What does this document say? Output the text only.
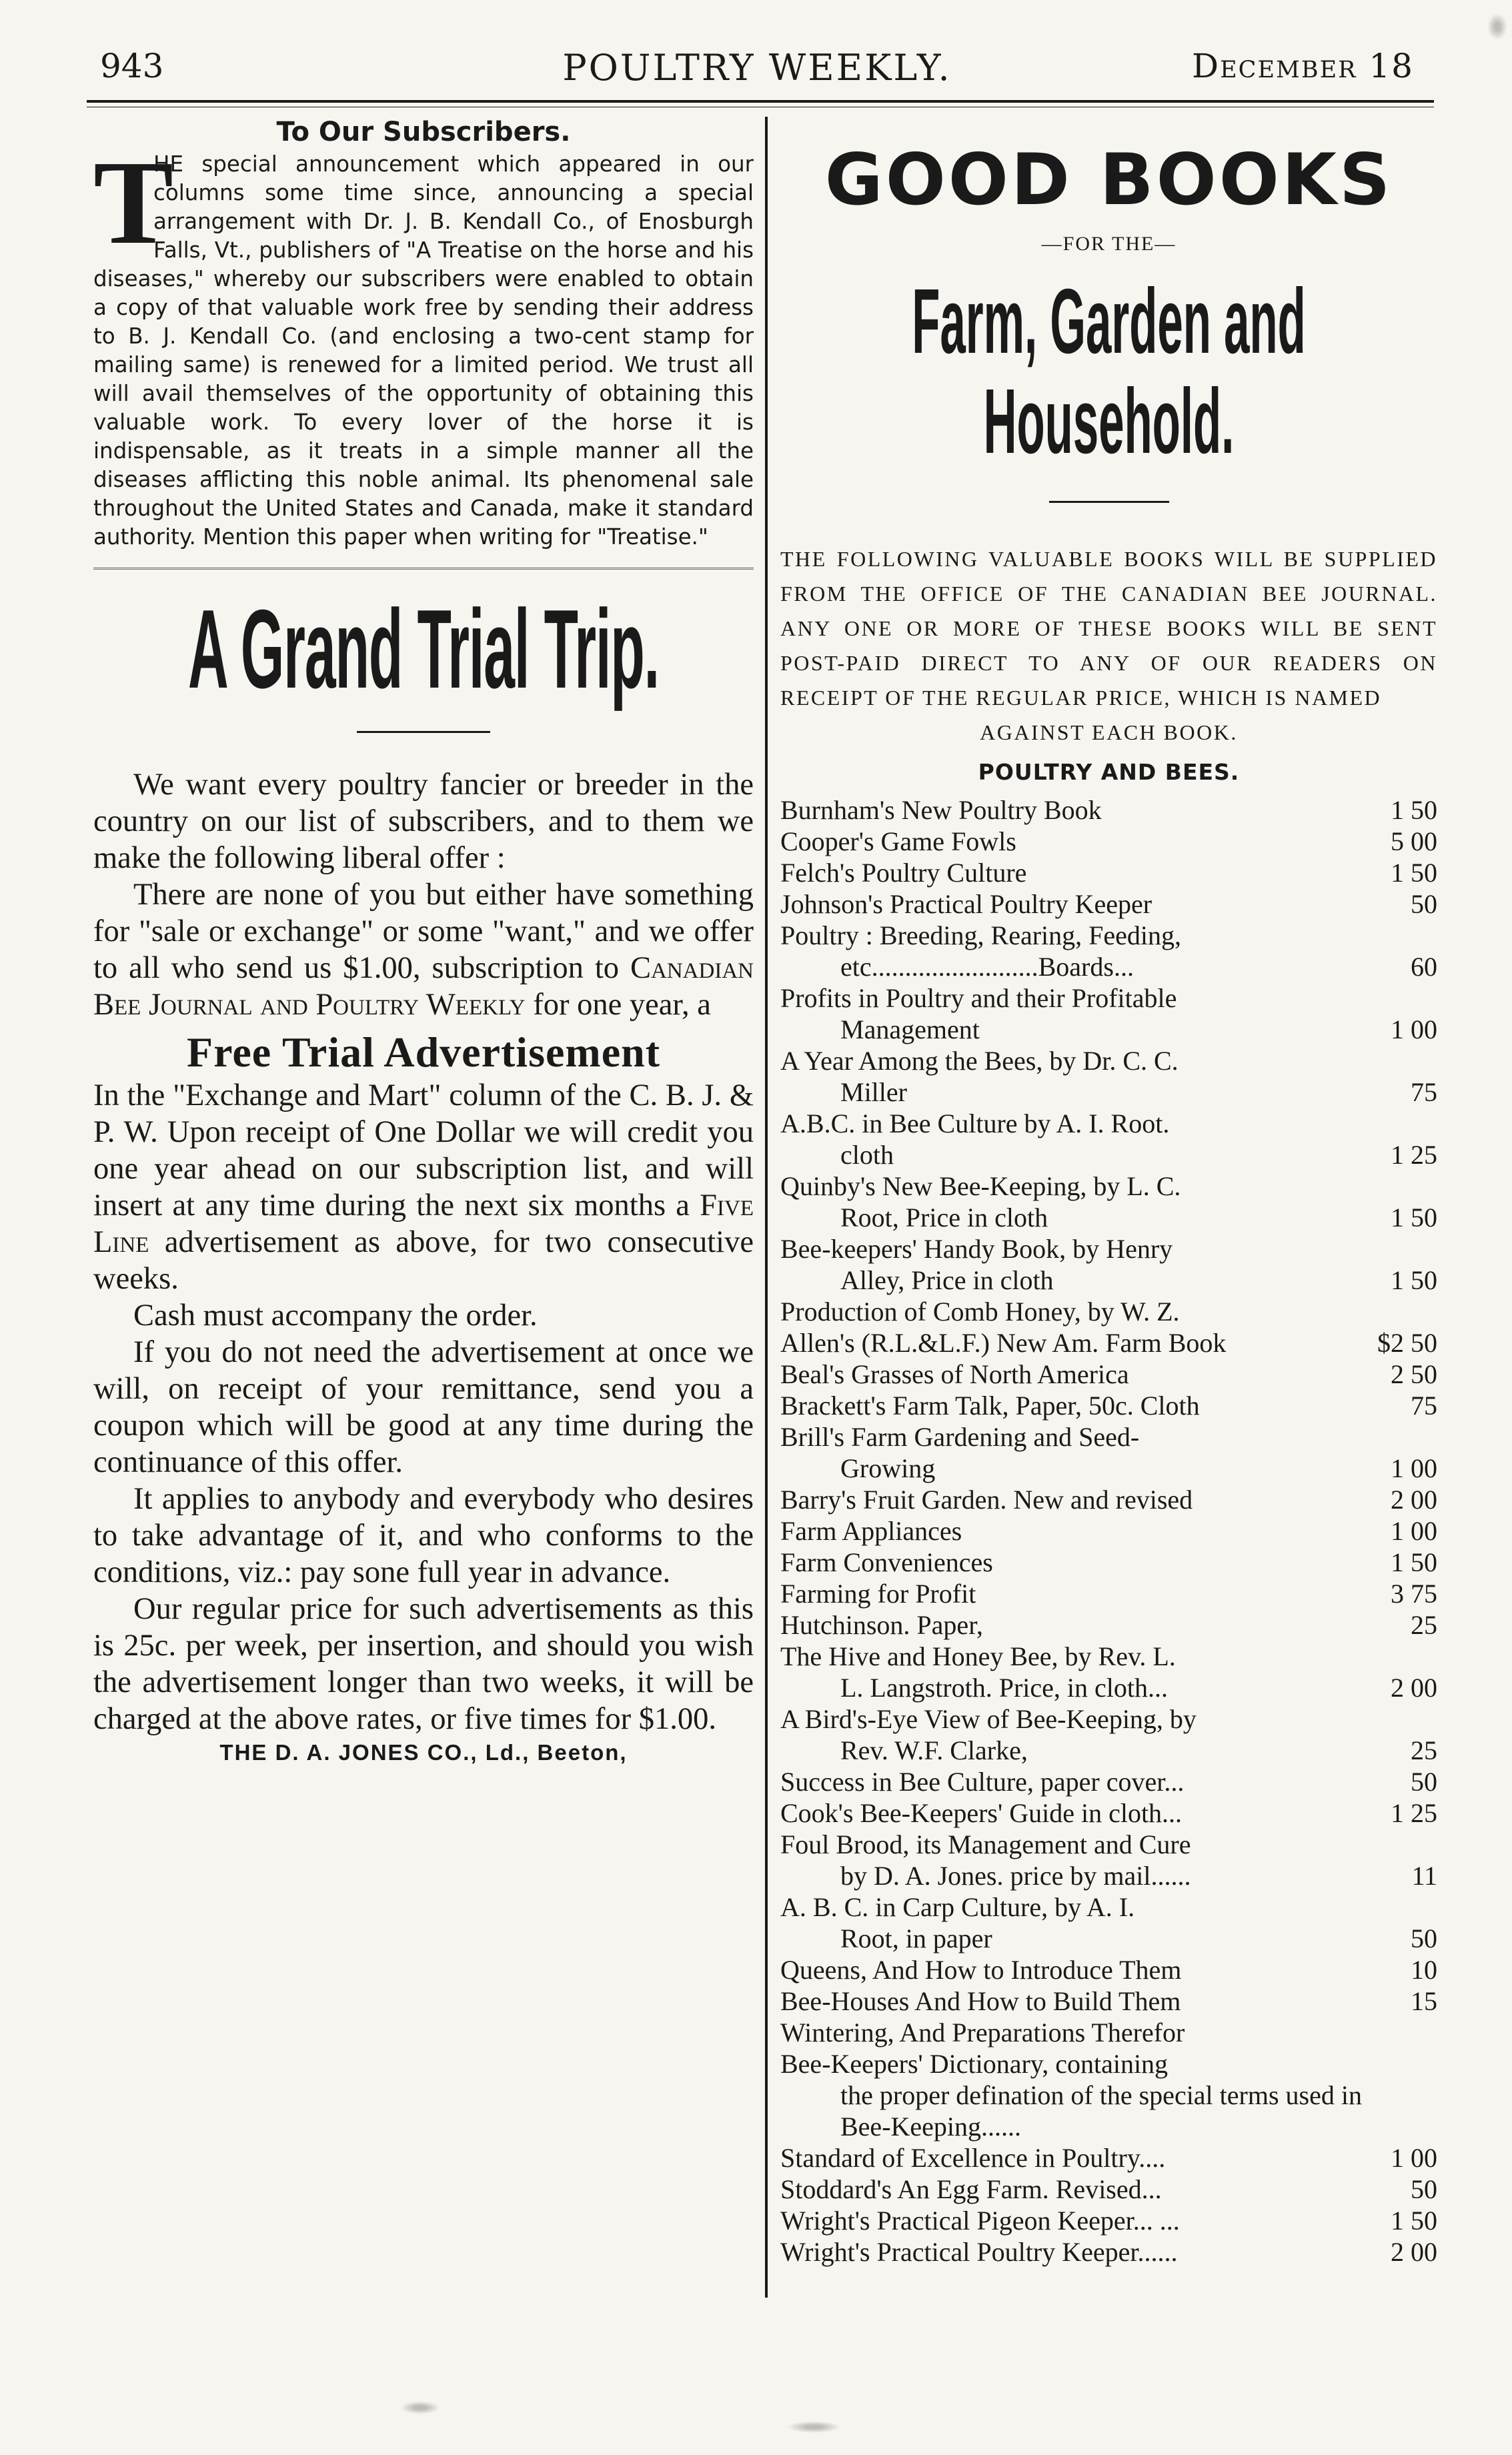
943	POULTRY WEEKLY.	December 18
To Our Subscribers.
T
HE special announcement which appeared in our columns some time since, announcing a special arrangement with Dr. J. B. Kendall Co., of Enosburgh Falls, Vt., publishers of "A Treatise on the horse and his diseases," whereby our subscribers were enabled to obtain a copy of that valuable work free by sending their address to B. J. Kendall Co. (and enclosing a two-cent stamp for mailing same) is renewed for a limited period. We trust all will avail themselves of the opportunity of obtaining this valuable work. To every lover of the horse it is indispensable, as it treats in a simple manner all the diseases afflicting this noble animal. Its phenomenal sale throughout the United States and Canada, make it standard authority. Mention this paper when writing for "Treatise."
A Grand Trial Trip.

We want every poultry fancier or breeder in the country on our list of subscribers, and to them we make the following liberal offer :

There are none of you but either have something for "sale or exchange" or some "want," and we offer to all who send us $1.00, subscription to Canadian Bee Journal and Poultry Weekly for one year, a

Free Trial Advertisement

In the "Exchange and Mart" column of the C. B. J. & P. W. Upon receipt of One Dollar we will credit you one year ahead on our subscription list, and will insert at any time during the next six months a Five Line advertisement as above, for two consecutive weeks.

Cash must accompany the order.

If you do not need the advertisement at once we will, on receipt of your remittance, send you a coupon which will be good at any time during the continuance of this offer.

It applies to anybody and everybody who desires to take advantage of it, and who conforms to the conditions, viz.: pay sone full year in advance.

Our regular price for such advertisements as this is 25c. per week, per insertion, and should you wish the advertisement longer than two weeks, it will be charged at the above rates, or five times for $1.00.

THE D. A. JONES CO., Ld., Beeton,
GOOD BOOKS
—FOR THE—
Farm, Garden and Household.
THE FOLLOWING VALUABLE BOOKS WILL BE SUPPLIED FROM THE OFFICE OF THE CANADIAN BEE JOURNAL. ANY ONE OR MORE OF THESE BOOKS WILL BE SENT POST-PAID DIRECT TO ANY OF OUR READERS ON RECEIPT OF THE REGULAR PRICE, WHICH IS NAMED
AGAINST EACH BOOK.
POULTRY AND BEES.
Burnham's New Poultry Book	1 50
Cooper's Game Fowls	5 00
Felch's Poultry Culture	1 50
Johnson's Practical Poultry Keeper	50
Poultry : Breeding, Rearing, Feeding,
etc.........................Boards...	60
Profits in Poultry and their Profitable
Management	1 00
A Year Among the Bees, by Dr. C. C.
Miller	75
A.B.C. in Bee Culture by A. I. Root.
cloth	1 25
Quinby's New Bee-Keeping, by L. C.
Root, Price in cloth	1 50
Bee-keepers' Handy Book, by Henry
Alley, Price in cloth	1 50
Production of Comb Honey, by W. Z.
Allen's (R.L.&L.F.) New Am. Farm Book	$2 50
Beal's Grasses of North America	2 50
Brackett's Farm Talk, Paper, 50c. Cloth	75
Brill's Farm Gardening and Seed-
Growing	1 00
Barry's Fruit Garden. New and revised	2 00
Farm Appliances	1 00
Farm Conveniences	1 50
Farming for Profit	3 75
Hutchinson. Paper,	25
The Hive and Honey Bee, by Rev. L.
L. Langstroth. Price, in cloth...	2 00
A Bird's-Eye View of Bee-Keeping, by
Rev. W.F. Clarke,	25
Success in Bee Culture, paper cover...	50
Cook's Bee-Keepers' Guide in cloth...	1 25
Foul Brood, its Management and Cure
by D. A. Jones. price by mail......	11
A. B. C. in Carp Culture, by A. I.
Root, in paper	50
Queens, And How to Introduce Them	10
Bee-Houses And How to Build Them	15
Wintering, And Preparations Therefor
Bee-Keepers' Dictionary, containing
the proper defination of the special terms used in Bee-Keeping......
Standard of Excellence in Poultry....	1 00
Stoddard's An Egg Farm. Revised...	50
Wright's Practical Pigeon Keeper... ...	1 50
Wright's Practical Poultry Keeper......	2 00
